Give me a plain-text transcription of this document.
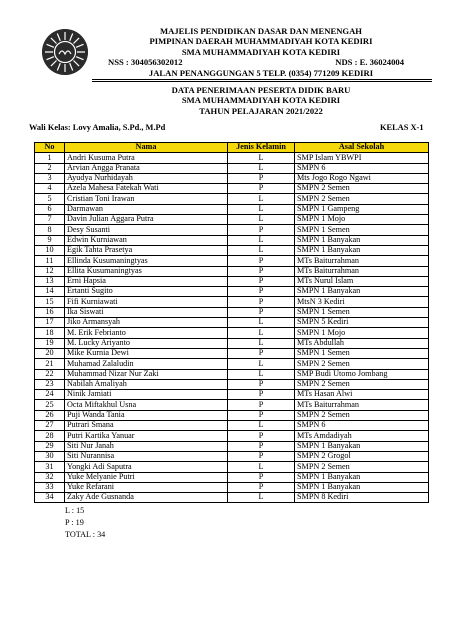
MAJELIS PENDIDIKAN DASAR DAN MENENGAH
PIMPINAN DAERAH MUHAMMADIYAH KOTA KEDIRI
SMA MUHAMMADIYAH KOTA KEDIRI
NSS : 304056302012	NDS : E. 36024004
JALAN PENANGGUNGAN 5 TELP. (0354) 771209 KEDIRI
DATA PENERIMAAN PESERTA DIDIK BARU
SMA MUHAMMADIYAH KOTA KEDIRI
TAHUN PELAJARAN 2021/2022
Wali Kelas: Lovy Amalia, S.Pd., M.Pd	KELAS X-1
No	Nama	Jenis Kelamin	Asal Sekolah
1	Andri Kusuma Putra	L	SMP Islam YBWPI
2	Arvian Angga Pranata	L	SMPN 6
3	Ayudya Nurhidayah	P	Mts Jogo Rogo Ngawi
4	Azela Mahesa Fatekah Wati	P	SMPN 2 Semen
5	Cristian Toni Irawan	L	SMPN 2 Semen
6	Darmawan	L	SMPN 1 Gampeng
7	Davin Julian Aggara Putra	L	SMPN 1 Mojo
8	Desy Susanti	P	SMPN 1 Semen
9	Edwin Kurniawan	L	SMPN 1 Banyakan
10	Egik Tahta Prasetya	L	SMPN 1 Banyakan
11	Ellinda Kusumaningtyas	P	MTs Baiturrahman
12	Ellita Kusumaningtyas	P	MTs Baiturrahman
13	Erni Hapsia	P	MTs Nurul Islam
14	Ertanti Sugito	P	SMPN 1 Banyakan
15	Fifi Kurniawati	P	MtsN 3 Kediri
16	Ika Siswati	P	SMPN 1 Semen
17	Jiko Armansyah	L	SMPN 5 Kediri
18	M. Erik Febrianto	L	SMPN 1 Mojo
19	M. Lucky Ariyanto	L	MTs Abdullah
20	Mike Kurnia Dewi	P	SMPN 1 Semen
21	Muhamad Zalaludin	L	SMPN 2 Semen
22	Muhammad Nizar Nur Zaki	L	SMP Budi Utomo Jombang
23	Nabilah Amaliyah	P	SMPN 2 Semen
24	Ninik Jamiati	P	MTs Hasan Alwi
25	Octa Miftakhul Usna	P	MTs Baiturrahman
26	Puji Wanda Tania	P	SMPN 2 Semen
27	Putrari Smana	L	SMPN 6
28	Putri Kartika Yanuar	P	MTs Amdadiyah
29	Siti Nur Janah	P	SMPN 1 Banyakan
30	Siti Nurannisa	P	SMPN 2 Grogol
31	Yongki Adi Saputra	L	SMPN 2 Semen
32	Yuke Melyanie Putri	P	SMPN 1 Banyakan
33	Yuke Refarani	P	SMPN 1 Banyakan
34	Zaky Ade Gusnanda	L	SMPN 8 Kediri
L : 15
P : 19
TOTAL : 34
